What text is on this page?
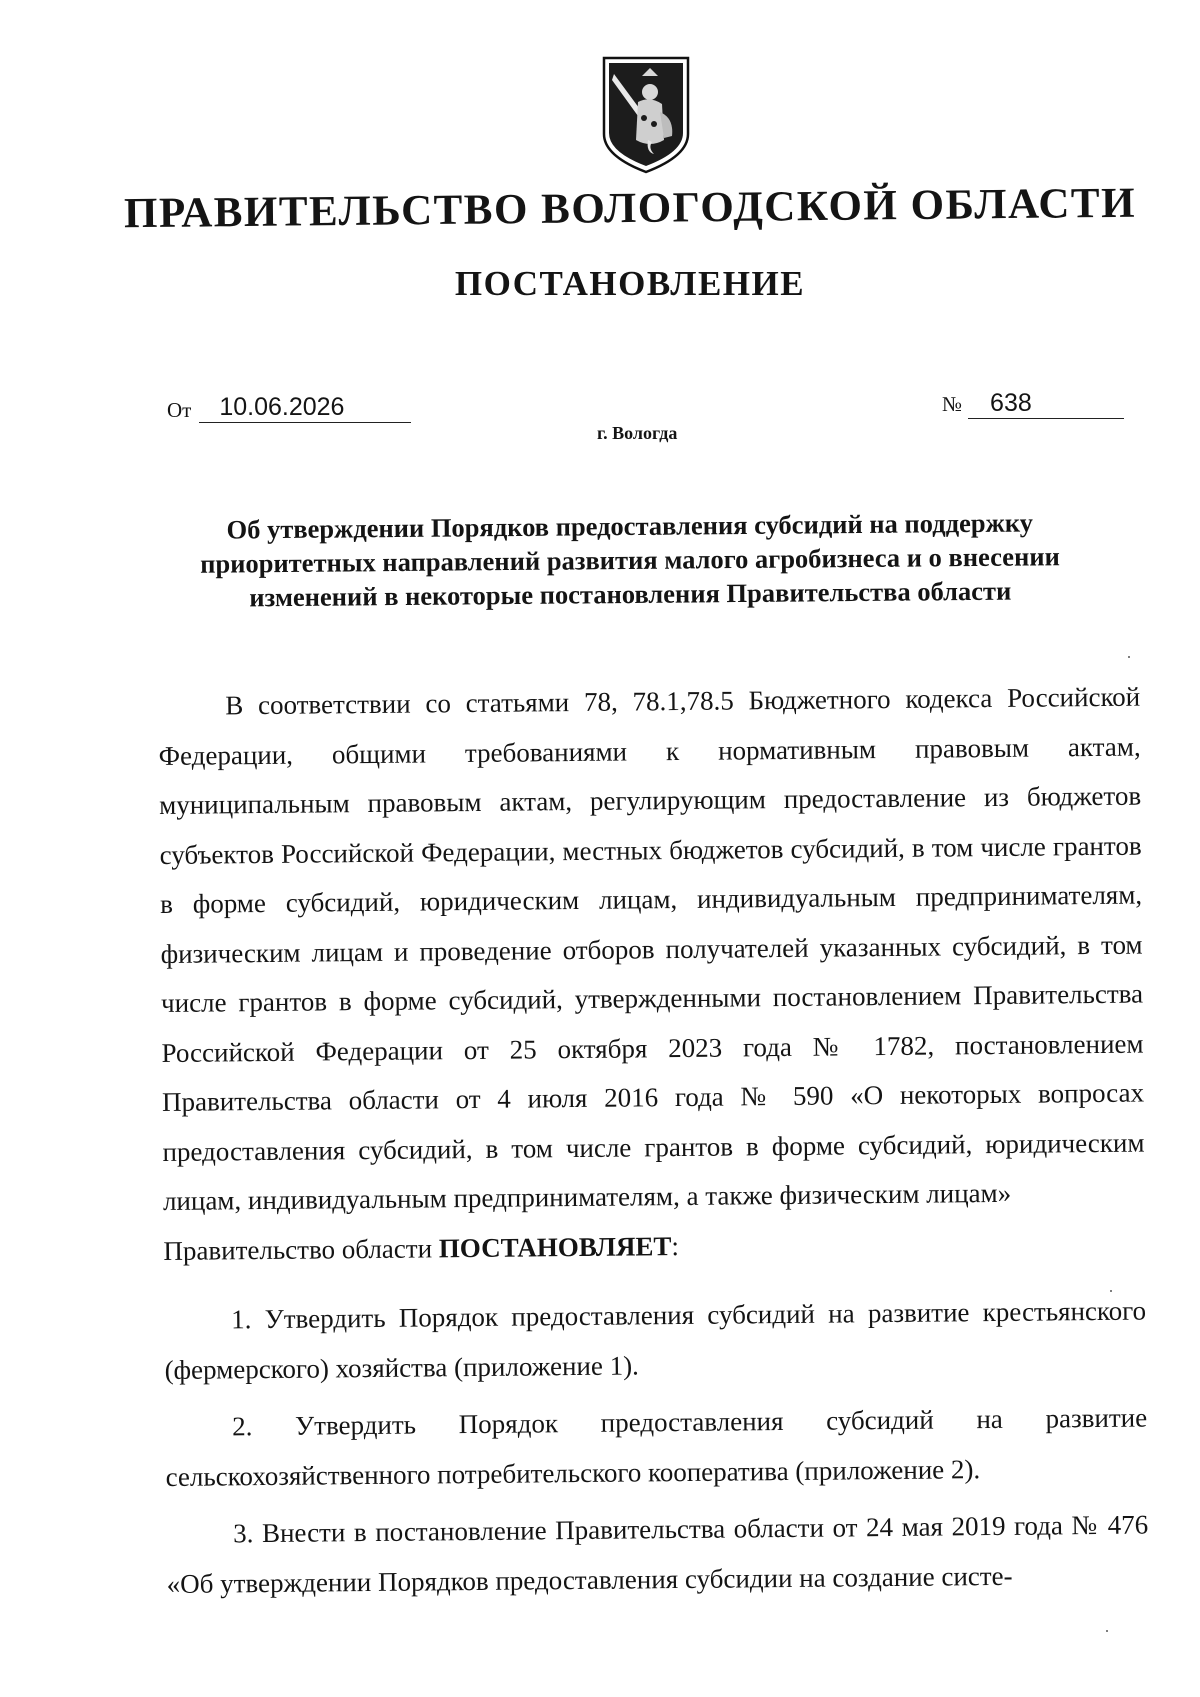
ПРАВИТЕЛЬСТВО ВОЛОГОДСКОЙ ОБЛАСТИ
ПОСТАНОВЛЕНИЕ
От 10.06.2026	№ 638
г. Вологда
Об утверждении Порядков предоставления субсидий на поддержку приоритетных направлений развития малого агробизнеса и о внесении изменений в некоторые постановления Правительства области

В соответствии со статьями 78, 78.1,78.5 Бюджетного кодекса Российской Федерации, общими требованиями к нормативным правовым актам, муниципальным правовым актам, регулирующим предоставление из бюджетов субъектов Российской Федерации, местных бюджетов субсидий, в том числе грантов в форме субсидий, юридическим лицам, индивидуальным предпринимателям, физическим лицам и проведение отборов получателей указанных субсидий, в том числе грантов в форме субсидий, утвержденными постановлением Правительства Российской Федерации от 25 октября 2023 года № 1782, постановлением Правительства области от 4 июля 2016 года № 590 «О некоторых вопросах предоставления субсидий, в том числе грантов в форме субсидий, юридическим лицам, индивидуальным предпринимателям, а также физическим лицам»

Правительство области ПОСТАНОВЛЯЕТ:

1. Утвердить Порядок предоставления субсидий на развитие крестьянского (фермерского) хозяйства (приложение 1).

2. Утвердить Порядок предоставления субсидий на развитие сельскохозяйственного потребительского кооператива (приложение 2).

3. Внести в постановление Правительства области от 24 мая 2019 года № 476 «Об утверждении Порядков предоставления субсидии на создание систе-
